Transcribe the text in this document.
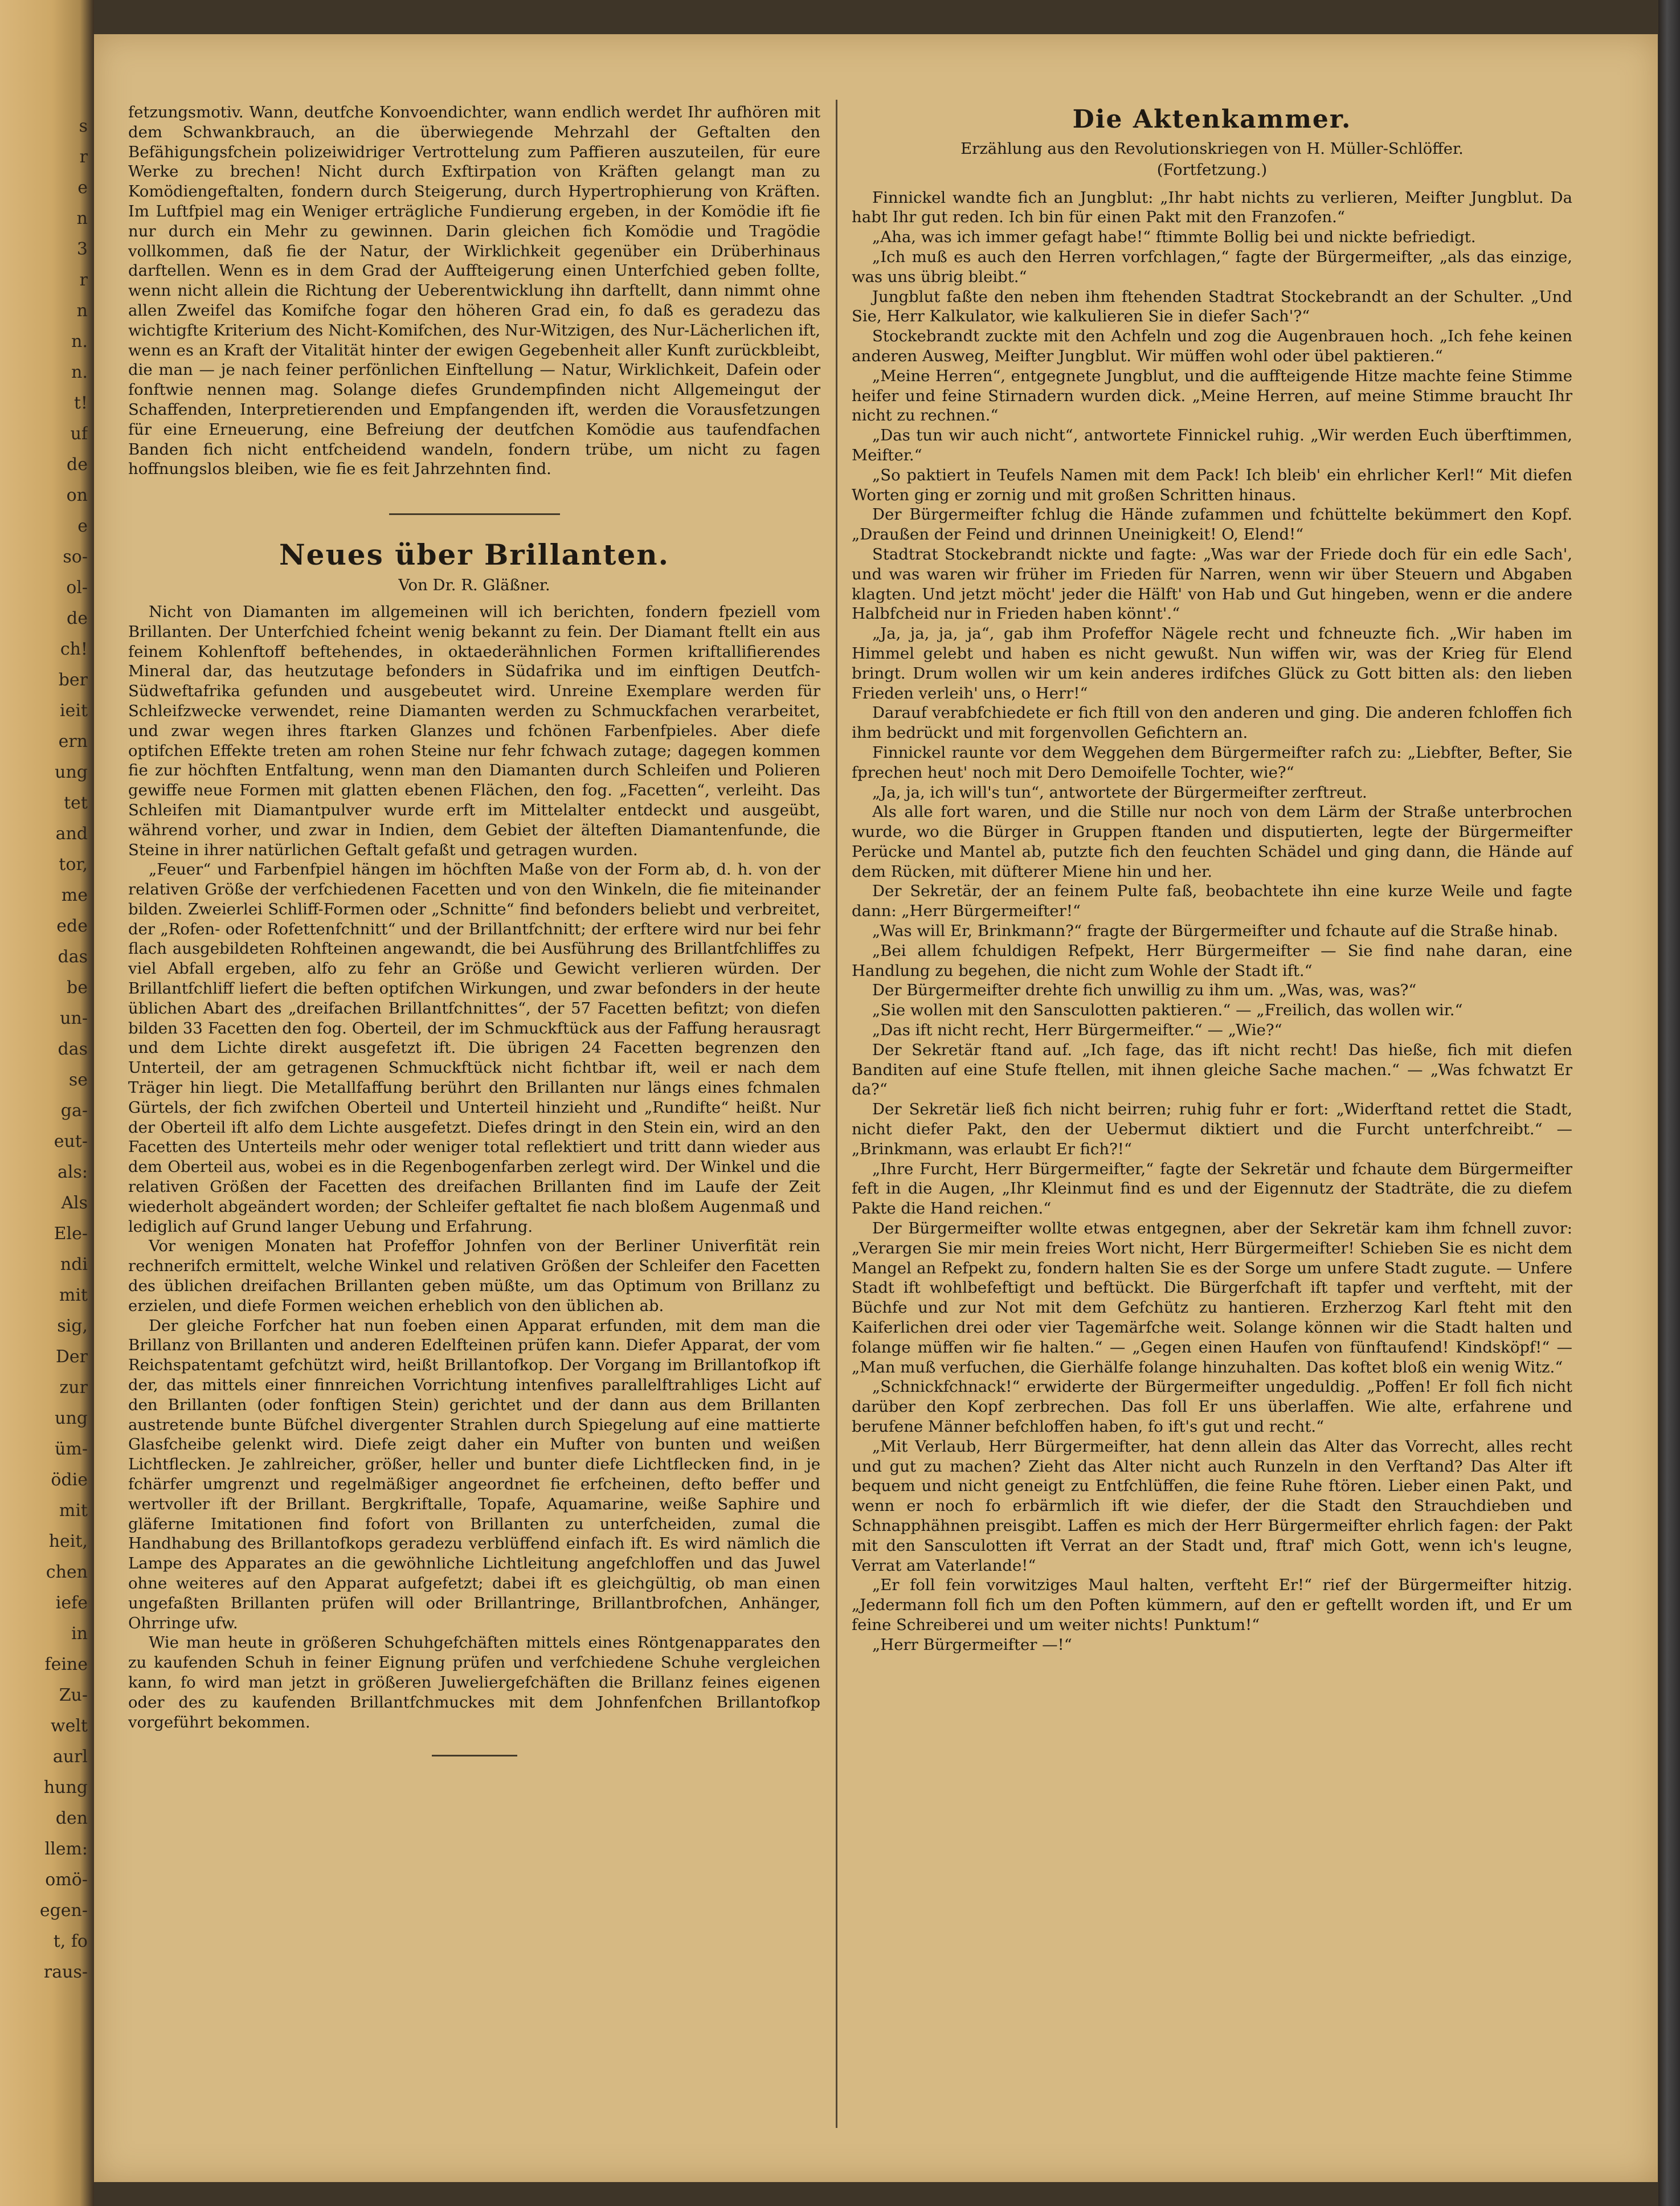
s
r
e
n
3
r
n
n.
n.
t!
uf
de
on
e
so-
ol-
de
ch!
ber
ieit
ern
ung
tet
and
tor,
me
ede
das
be
un-
das
se
ga-
eut-
als:
Als
Ele-
ndi
mit
sig,
Der
zur
ung
üm-
ödie
mit
heit,
chen
iefe
in
feine
Zu-
welt
aurl
hung
den
llem:
omö-
egen-
t, fo
raus-

fetzungsmotiv. Wann, deutfche Konvoendichter, wann endlich werdet Ihr aufhören mit dem Schwankbrauch, an die überwiegende Mehrzahl der Geftalten den Befähigungsfchein polizeiwidriger Vertrottelung zum Paffieren auszuteilen, für eure Werke zu brechen! Nicht durch Exftirpation von Kräften gelangt man zu Komödiengeftalten, fondern durch Steigerung, durch Hypertrophierung von Kräften. Im Luftfpiel mag ein Weniger erträgliche Fundierung ergeben, in der Komödie ift fie nur durch ein Mehr zu gewinnen. Darin gleichen fich Komödie und Tragödie vollkommen, daß fie der Natur, der Wirklichkeit gegenüber ein Drüberhinaus darftellen. Wenn es in dem Grad der Auffteigerung einen Unterfchied geben follte, wenn nicht allein die Richtung der Ueberentwicklung ihn darftellt, dann nimmt ohne allen Zweifel das Komifche fogar den höheren Grad ein, fo daß es geradezu das wichtigfte Kriterium des Nicht-Komifchen, des Nur-Witzigen, des Nur-Lächerlichen ift, wenn es an Kraft der Vitalität hinter der ewigen Gegebenheit aller Kunft zurückbleibt, die man — je nach feiner perfönlichen Einftellung — Natur, Wirklichkeit, Dafein oder fonftwie nennen mag. Solange diefes Grundempfinden nicht Allgemeingut der Schaffenden, Interpretierenden und Empfangenden ift, werden die Vorausfetzungen für eine Erneuerung, eine Befreiung der deutfchen Komödie aus taufendfachen Banden fich nicht entfcheidend wandeln, fondern trübe, um nicht zu fagen hoffnungslos bleiben, wie fie es feit Jahrzehnten find.

Neues über Brillanten.

Von Dr. R. Gläßner.

Nicht von Diamanten im allgemeinen will ich berichten, fondern fpeziell vom Brillanten. Der Unterfchied fcheint wenig bekannt zu fein. Der Diamant ftellt ein aus feinem Kohlenftoff beftehendes, in oktaederähnlichen Formen kriftallifierendes Mineral dar, das heutzutage befonders in Südafrika und im einftigen Deutfch-Südweftafrika gefunden und ausgebeutet wird. Unreine Exemplare werden für Schleifzwecke verwendet, reine Diamanten werden zu Schmuckfachen verarbeitet, und zwar wegen ihres ftarken Glanzes und fchönen Farbenfpieles. Aber diefe optifchen Effekte treten am rohen Steine nur fehr fchwach zutage; dagegen kommen fie zur höchften Entfaltung, wenn man den Diamanten durch Schleifen und Polieren gewiffe neue Formen mit glatten ebenen Flächen, den fog. „Facetten“, verleiht. Das Schleifen mit Diamantpulver wurde erft im Mittelalter entdeckt und ausgeübt, während vorher, und zwar in Indien, dem Gebiet der älteften Diamantenfunde, die Steine in ihrer natürlichen Geftalt gefaßt und getragen wurden.

„Feuer“ und Farbenfpiel hängen im höchften Maße von der Form ab, d. h. von der relativen Größe der verfchiedenen Facetten und von den Winkeln, die fie miteinander bilden. Zweierlei Schliff-Formen oder „Schnitte“ find befonders beliebt und verbreitet, der „Rofen- oder Rofettenfchnitt“ und der Brillantfchnitt; der erftere wird nur bei fehr flach ausgebildeten Rohfteinen angewandt, die bei Ausführung des Brillantfchliffes zu viel Abfall ergeben, alfo zu fehr an Größe und Gewicht verlieren würden. Der Brillantfchliff liefert die beften optifchen Wirkungen, und zwar befonders in der heute üblichen Abart des „dreifachen Brillantfchnittes“, der 57 Facetten befitzt; von diefen bilden 33 Facetten den fog. Oberteil, der im Schmuckftück aus der Faffung herausragt und dem Lichte direkt ausgefetzt ift. Die übrigen 24 Facetten begrenzen den Unterteil, der am getragenen Schmuckftück nicht fichtbar ift, weil er nach dem Träger hin liegt. Die Metallfaffung berührt den Brillanten nur längs eines fchmalen Gürtels, der fich zwifchen Oberteil und Unterteil hinzieht und „Rundifte“ heißt. Nur der Oberteil ift alfo dem Lichte ausgefetzt. Diefes dringt in den Stein ein, wird an den Facetten des Unterteils mehr oder weniger total reflektiert und tritt dann wieder aus dem Oberteil aus, wobei es in die Regenbogenfarben zerlegt wird. Der Winkel und die relativen Größen der Facetten des dreifachen Brillanten find im Laufe der Zeit wiederholt abgeändert worden; der Schleifer geftaltet fie nach bloßem Augenmaß und lediglich auf Grund langer Uebung und Erfahrung.

Vor wenigen Monaten hat Profeffor Johnfen von der Berliner Univerfität rein rechnerifch ermittelt, welche Winkel und relativen Größen der Schleifer den Facetten des üblichen dreifachen Brillanten geben müßte, um das Optimum von Brillanz zu erzielen, und diefe Formen weichen erheblich von den üblichen ab.

Der gleiche Forfcher hat nun foeben einen Apparat erfunden, mit dem man die Brillanz von Brillanten und anderen Edelfteinen prüfen kann. Diefer Apparat, der vom Reichspatentamt gefchützt wird, heißt Brillantofkop. Der Vorgang im Brillantofkop ift der, das mittels einer finnreichen Vorrichtung intenfives parallelftrahliges Licht auf den Brillanten (oder fonftigen Stein) gerichtet und der dann aus dem Brillanten austretende bunte Büfchel divergenter Strahlen durch Spiegelung auf eine mattierte Glasfcheibe gelenkt wird. Diefe zeigt daher ein Mufter von bunten und weißen Lichtflecken. Je zahlreicher, größer, heller und bunter diefe Lichtflecken find, in je fchärfer umgrenzt und regelmäßiger angeordnet fie erfcheinen, defto beffer und wertvoller ift der Brillant. Bergkriftalle, Topafe, Aquamarine, weiße Saphire und gläferne Imitationen find fofort von Brillanten zu unterfcheiden, zumal die Handhabung des Brillantofkops geradezu verblüffend einfach ift. Es wird nämlich die Lampe des Apparates an die gewöhnliche Lichtleitung angefchloffen und das Juwel ohne weiteres auf den Apparat aufgefetzt; dabei ift es gleichgültig, ob man einen ungefaßten Brillanten prüfen will oder Brillantringe, Brillantbrofchen, Anhänger, Ohrringe ufw.

Wie man heute in größeren Schuhgefchäften mittels eines Röntgenapparates den zu kaufenden Schuh in feiner Eignung prüfen und verfchiedene Schuhe vergleichen kann, fo wird man jetzt in größeren Juweliergefchäften die Brillanz feines eigenen oder des zu kaufenden Brillantfchmuckes mit dem Johnfenfchen Brillantofkop vorgeführt bekommen.

Die Aktenkammer.

Erzählung aus den Revolutionskriegen von H. Müller-Schlöffer.

(Fortfetzung.)

Finnickel wandte fich an Jungblut: „Ihr habt nichts zu verlieren, Meifter Jungblut. Da habt Ihr gut reden. Ich bin für einen Pakt mit den Franzofen.“

„Aha, was ich immer gefagt habe!“ ftimmte Bollig bei und nickte befriedigt.

„Ich muß es auch den Herren vorfchlagen,“ fagte der Bürgermeifter, „als das einzige, was uns übrig bleibt.“

Jungblut faßte den neben ihm ftehenden Stadtrat Stockebrandt an der Schulter. „Und Sie, Herr Kalkulator, wie kalkulieren Sie in diefer Sach'?“

Stockebrandt zuckte mit den Achfeln und zog die Augenbrauen hoch. „Ich fehe keinen anderen Ausweg, Meifter Jungblut. Wir müffen wohl oder übel paktieren.“

„Meine Herren“, entgegnete Jungblut, und die auffteigende Hitze machte feine Stimme heifer und feine Stirnadern wurden dick. „Meine Herren, auf meine Stimme braucht Ihr nicht zu rechnen.“

„Das tun wir auch nicht“, antwortete Finnickel ruhig. „Wir werden Euch überftimmen, Meifter.“

„So paktiert in Teufels Namen mit dem Pack! Ich bleib' ein ehrlicher Kerl!“ Mit diefen Worten ging er zornig und mit großen Schritten hinaus.

Der Bürgermeifter fchlug die Hände zufammen und fchüttelte bekümmert den Kopf. „Draußen der Feind und drinnen Uneinigkeit! O, Elend!“

Stadtrat Stockebrandt nickte und fagte: „Was war der Friede doch für ein edle Sach', und was waren wir früher im Frieden für Narren, wenn wir über Steuern und Abgaben klagten. Und jetzt möcht' jeder die Hälft' von Hab und Gut hingeben, wenn er die andere Halbfcheid nur in Frieden haben könnt'.“

„Ja, ja, ja, ja“, gab ihm Profeffor Nägele recht und fchneuzte fich. „Wir haben im Himmel gelebt und haben es nicht gewußt. Nun wiffen wir, was der Krieg für Elend bringt. Drum wollen wir um kein anderes irdifches Glück zu Gott bitten als: den lieben Frieden verleih' uns, o Herr!“

Darauf verabfchiedete er fich ftill von den anderen und ging. Die anderen fchloffen fich ihm bedrückt und mit forgenvollen Gefichtern an.

Finnickel raunte vor dem Weggehen dem Bürgermeifter rafch zu: „Liebfter, Befter, Sie fprechen heut' noch mit Dero Demoifelle Tochter, wie?“

„Ja, ja, ich will's tun“, antwortete der Bürgermeifter zerftreut.

Als alle fort waren, und die Stille nur noch von dem Lärm der Straße unterbrochen wurde, wo die Bürger in Gruppen ftanden und disputierten, legte der Bürgermeifter Perücke und Mantel ab, putzte fich den feuchten Schädel und ging dann, die Hände auf dem Rücken, mit düfterer Miene hin und her.

Der Sekretär, der an feinem Pulte faß, beobachtete ihn eine kurze Weile und fagte dann: „Herr Bürgermeifter!“

„Was will Er, Brinkmann?“ fragte der Bürgermeifter und fchaute auf die Straße hinab.

„Bei allem fchuldigen Refpekt, Herr Bürgermeifter — Sie find nahe daran, eine Handlung zu begehen, die nicht zum Wohle der Stadt ift.“

Der Bürgermeifter drehte fich unwillig zu ihm um. „Was, was, was?“

„Sie wollen mit den Sansculotten paktieren.“ — „Freilich, das wollen wir.“

„Das ift nicht recht, Herr Bürgermeifter.“ — „Wie?“

Der Sekretär ftand auf. „Ich fage, das ift nicht recht! Das hieße, fich mit diefen Banditen auf eine Stufe ftellen, mit ihnen gleiche Sache machen.“ — „Was fchwatzt Er da?“

Der Sekretär ließ fich nicht beirren; ruhig fuhr er fort: „Widerftand rettet die Stadt, nicht diefer Pakt, den der Uebermut diktiert und die Furcht unterfchreibt.“ — „Brinkmann, was erlaubt Er fich?!“

„Ihre Furcht, Herr Bürgermeifter,“ fagte der Sekretär und fchaute dem Bürgermeifter feft in die Augen, „Ihr Kleinmut find es und der Eigennutz der Stadträte, die zu diefem Pakte die Hand reichen.“

Der Bürgermeifter wollte etwas entgegnen, aber der Sekretär kam ihm fchnell zuvor: „Verargen Sie mir mein freies Wort nicht, Herr Bürgermeifter! Schieben Sie es nicht dem Mangel an Refpekt zu, fondern halten Sie es der Sorge um unfere Stadt zugute. — Unfere Stadt ift wohlbefeftigt und beftückt. Die Bürgerfchaft ift tapfer und verfteht, mit der Büchfe und zur Not mit dem Gefchütz zu hantieren. Erzherzog Karl fteht mit den Kaiferlichen drei oder vier Tagemärfche weit. Solange können wir die Stadt halten und folange müffen wir fie halten.“ — „Gegen einen Haufen von fünftaufend! Kindsköpf!“ — „Man muß verfuchen, die Gierhälfe folange hinzuhalten. Das koftet bloß ein wenig Witz.“

„Schnickfchnack!“ erwiderte der Bürgermeifter ungeduldig. „Poffen! Er foll fich nicht darüber den Kopf zerbrechen. Das foll Er uns überlaffen. Wie alte, erfahrene und berufene Männer befchloffen haben, fo ift's gut und recht.“

„Mit Verlaub, Herr Bürgermeifter, hat denn allein das Alter das Vorrecht, alles recht und gut zu machen? Zieht das Alter nicht auch Runzeln in den Verftand? Das Alter ift bequem und nicht geneigt zu Entfchlüffen, die feine Ruhe ftören. Lieber einen Pakt, und wenn er noch fo erbärmlich ift wie diefer, der die Stadt den Strauchdieben und Schnapphähnen preisgibt. Laffen es mich der Herr Bürgermeifter ehrlich fagen: der Pakt mit den Sansculotten ift Verrat an der Stadt und, ftraf' mich Gott, wenn ich's leugne, Verrat am Vaterlande!“

„Er foll fein vorwitziges Maul halten, verfteht Er!“ rief der Bürgermeifter hitzig. „Jedermann foll fich um den Poften kümmern, auf den er geftellt worden ift, und Er um feine Schreiberei und um weiter nichts! Punktum!“

„Herr Bürgermeifter —!“
